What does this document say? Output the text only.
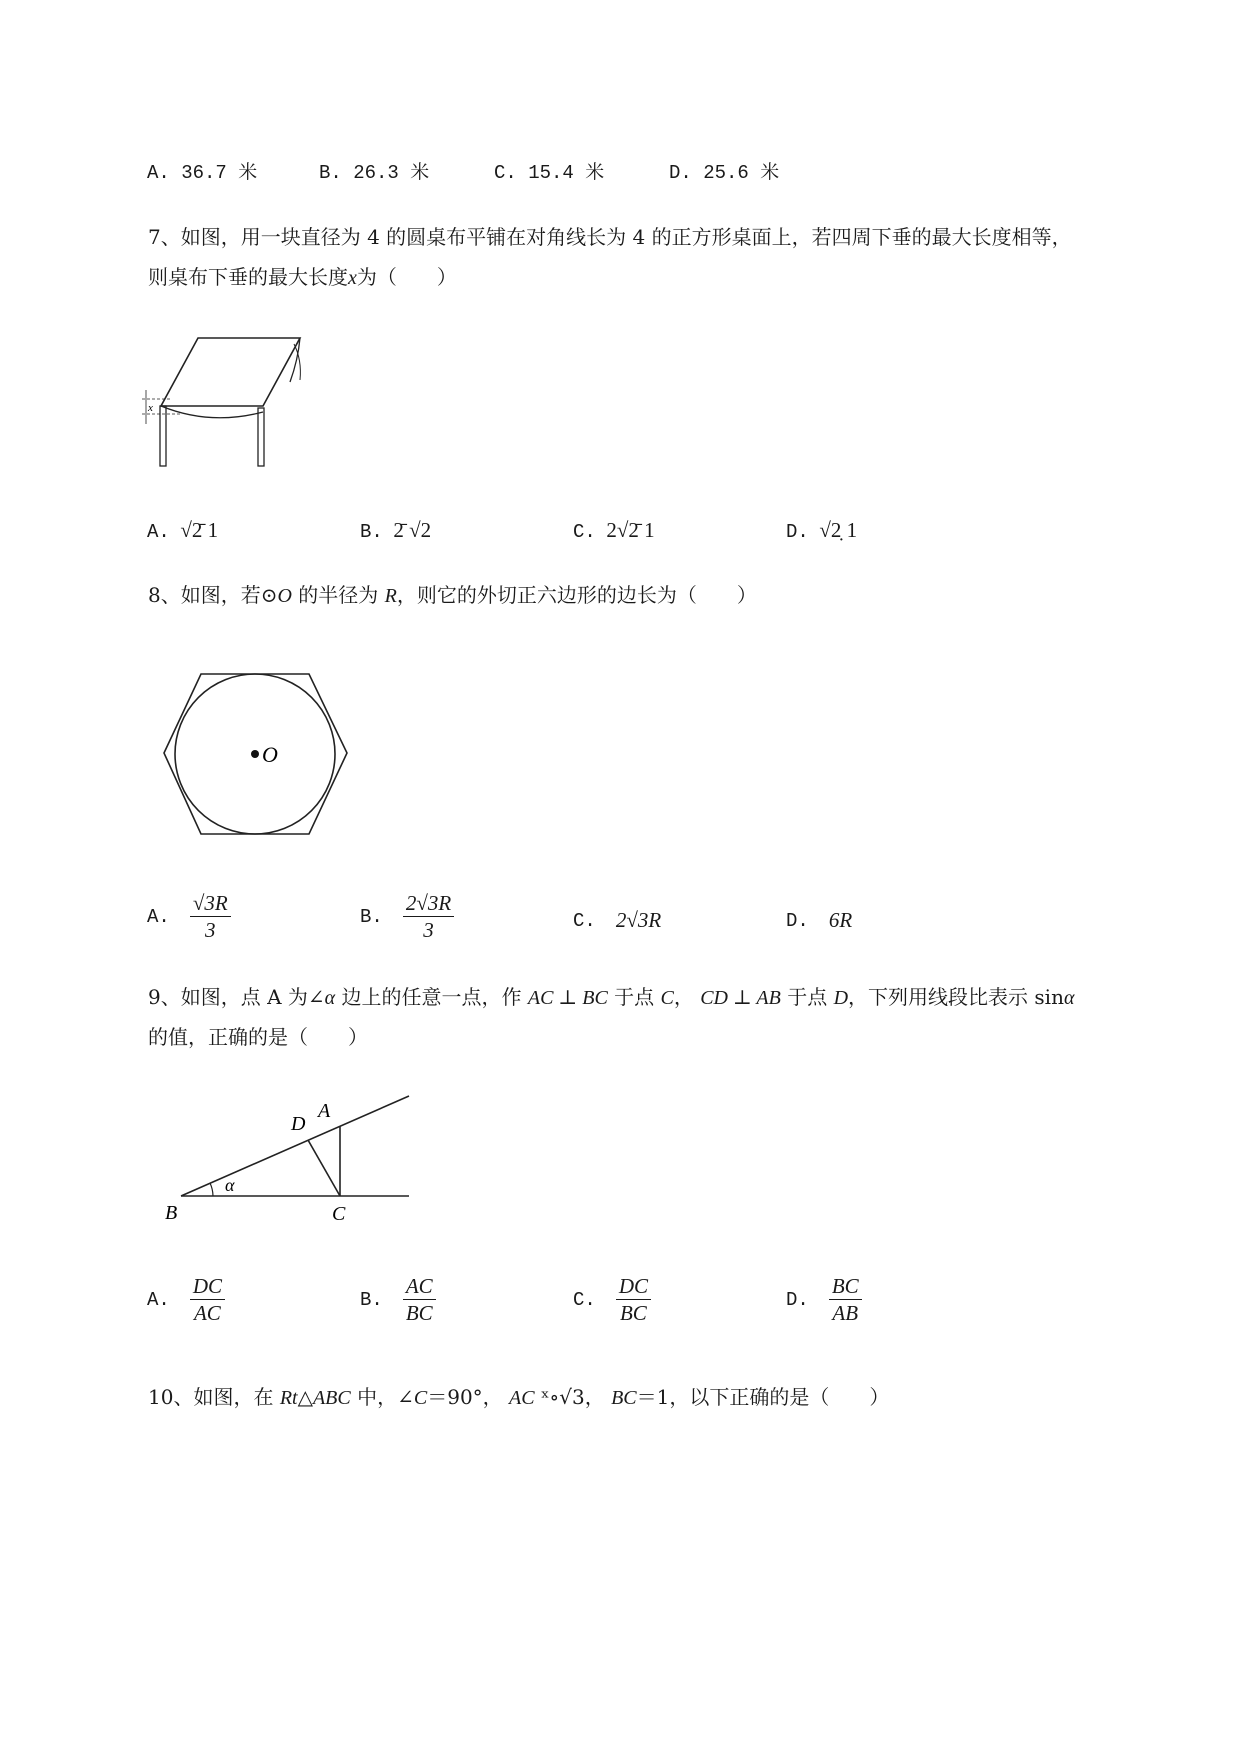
A. 36.7 米	B. 26.3 米	C. 15.4 米	D. 25.6 米
7、如图，用一块直径为 4 的圆桌布平铺在对角线长为 4 的正方形桌面上，若四周下垂的最大长度相等，
则桌布下垂的最大长度x为（　　）
x
A. √2̄ 1	B. 2̄ √2	C. 2√2̄ 1	D. √2̣ 1
8、如图，若⊙O 的半径为 R，则它的外切正六边形的边长为（　　）
O
A. $\frac{√3R}{3}$	B. $\frac{2√3R}{3}$	C. 2√3R	D. 6R
9、如图，点 A 为∠α 边上的任意一点，作 AC ⊥ BC 于点 C， CD ⊥ AB 于点 D，下列用线段比表示 sinα
的值，正确的是（　　）
α
B	C
D
A
A. $\frac{DC}{AC}$	B. $\frac{AC}{BC}$	C. $\frac{DC}{BC}$	D. $\frac{BC}{AB}$
10、如图，在 Rt△ABC 中，∠C＝90°， AC ˣ∘√3， BC＝1，以下正确的是（　　）
